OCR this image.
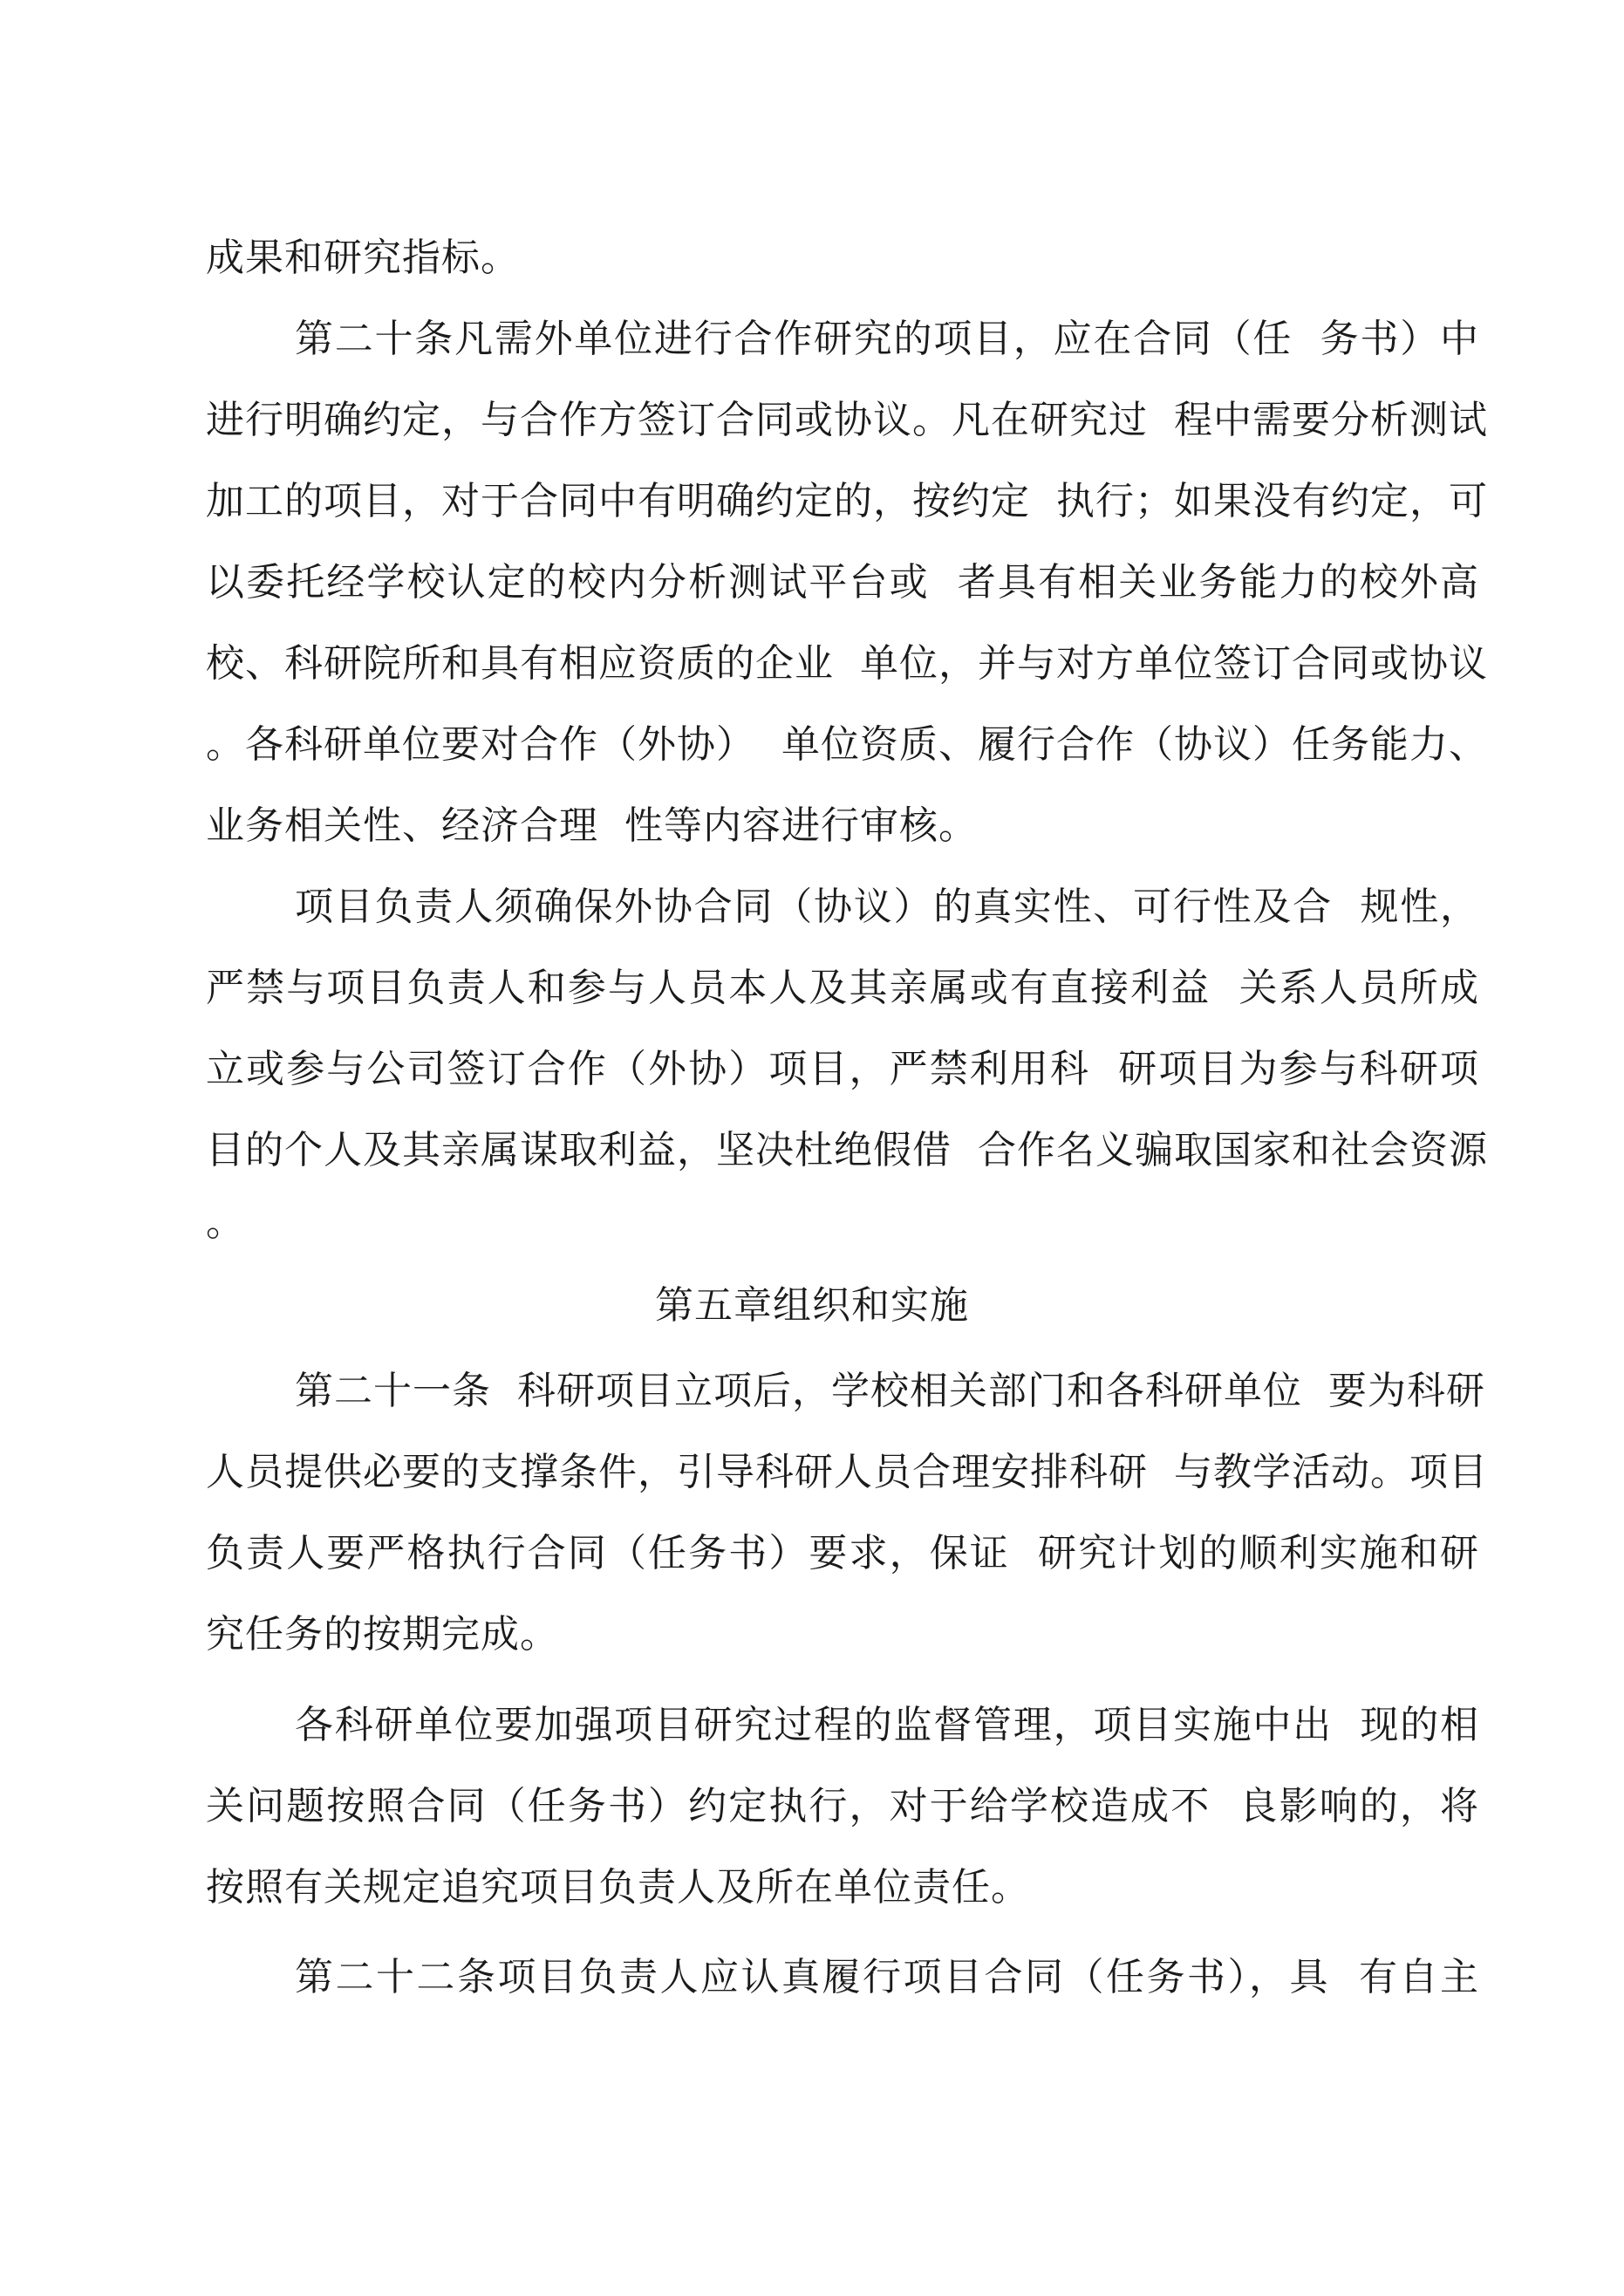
成果和研究指标。
第二十条凡需外单位进行合作研究的项目，应在合同（任  务书）中
进行明确约定，与合作方签订合同或协议。凡在研究过  程中需要分析测试
加工的项目，对于合同中有明确约定的，按约定  执行；如果没有约定，可
以委托经学校认定的校内分析测试平台或  者具有相关业务能力的校外高
校、科研院所和具有相应资质的企业  单位，并与对方单位签订合同或协议
。各科研单位要对合作（外协）  单位资质、履行合作（协议）任务能力、
业务相关性、经济合理  性等内容进行审核。
项目负责人须确保外协合同（协议）的真实性、可行性及合  规性，
严禁与项目负责人和参与人员本人及其亲属或有直接利益  关系人员所成
立或参与公司签订合作（外协）项目，严禁利用科  研项目为参与科研项
目的个人及其亲属谋取利益，坚决杜绝假借  合作名义骗取国家和社会资源
。
第五章组织和实施
第二十一条  科研项目立项后，学校相关部门和各科研单位  要为科研
人员提供必要的支撑条件，引导科研人员合理安排科研  与教学活动。项目
负责人要严格执行合同（任务书）要求，保证  研究计划的顺利实施和研
究任务的按期完成。
各科研单位要加强项目研究过程的监督管理，项目实施中出  现的相
关问题按照合同（任务书）约定执行，对于给学校造成不  良影响的，将
按照有关规定追究项目负责人及所在单位责任。
第二十二条项目负责人应认真履行项目合同（任务书），具  有自主
